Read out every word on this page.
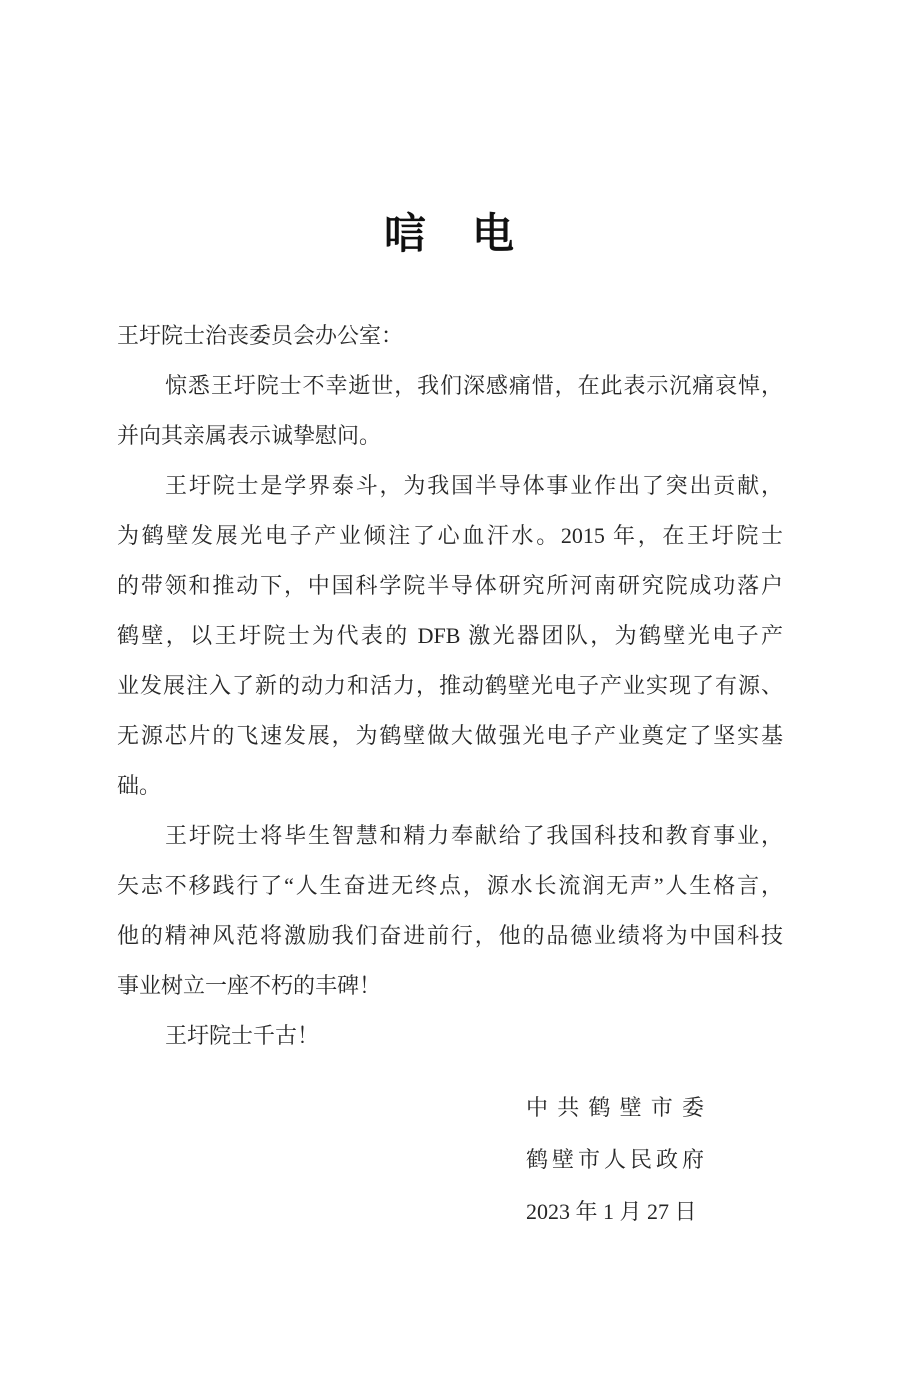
唁　电
王圩院士治丧委员会办公室：
惊悉王圩院士不幸逝世，我们深感痛惜，在此表示沉痛哀悼，
并向其亲属表示诚挚慰问。
王圩院士是学界泰斗，为我国半导体事业作出了突出贡献，
为鹤壁发展光电子产业倾注了心血汗水。2015 年，在王圩院士
的带领和推动下，中国科学院半导体研究所河南研究院成功落户
鹤壁，以王圩院士为代表的 DFB 激光器团队，为鹤壁光电子产
业发展注入了新的动力和活力，推动鹤壁光电子产业实现了有源、
无源芯片的飞速发展，为鹤壁做大做强光电子产业奠定了坚实基
础。
王圩院士将毕生智慧和精力奉献给了我国科技和教育事业，
矢志不移践行了“人生奋进无终点，源水长流润无声”人生格言，
他的精神风范将激励我们奋进前行，他的品德业绩将为中国科技
事业树立一座不朽的丰碑！
王圩院士千古！
中共鹤壁市委
鹤壁市人民政府
2023 年 1 月 27 日
